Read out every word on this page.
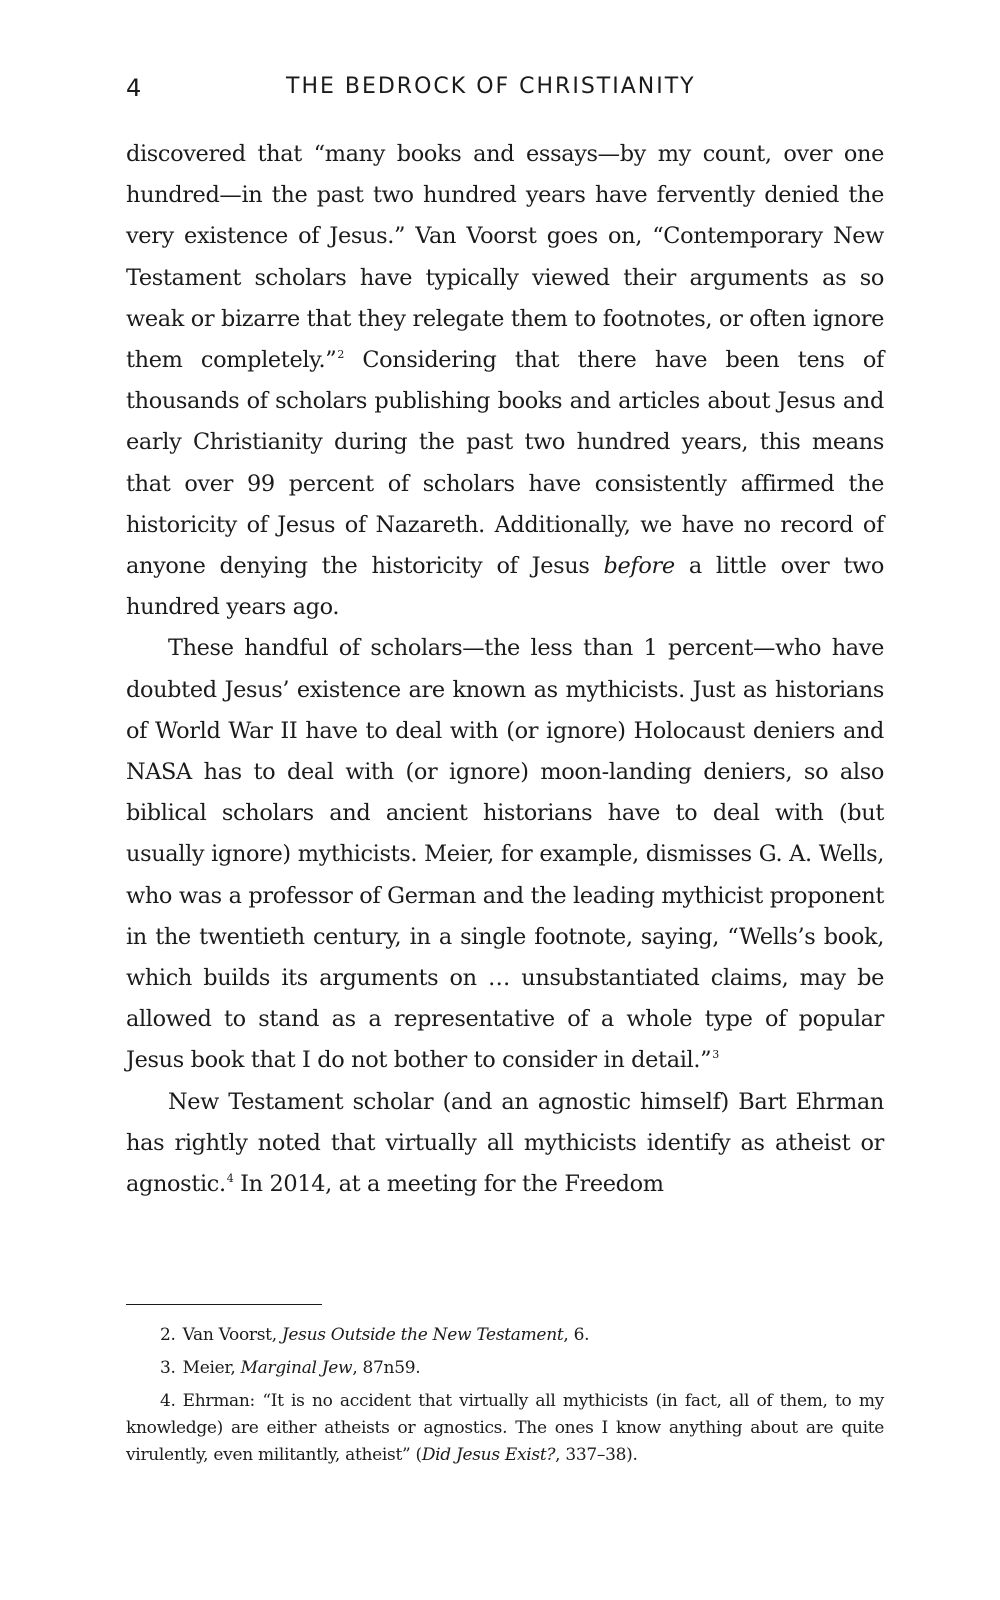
4	THE BEDROCK OF CHRISTIANITY

discovered that “many books and essays—by my count, over one hundred—in the past two hundred years have fervently denied the very existence of Jesus.” Van Voorst goes on, “Contemporary New Testament scholars have typically viewed their arguments as so weak or bizarre that they relegate them to footnotes, or often ignore them completely.”$^2$ Considering that there have been tens of thousands of scholars publishing books and articles about Jesus and early Christianity during the past two hundred years, this means that over 99 percent of scholars have consistently affirmed the historicity of Jesus of Nazareth. Additionally, we have no record of anyone denying the historicity of Jesus before a little over two hundred years ago.

These handful of scholars—the less than 1 percent—who have doubted Jesus’ existence are known as mythicists. Just as historians of World War II have to deal with (or ignore) Holocaust deniers and NASA has to deal with (or ignore) moon-landing deniers, so also biblical scholars and ancient historians have to deal with (but usually ignore) mythicists. Meier, for example, dismisses G. A. Wells, who was a professor of German and the leading mythicist proponent in the twentieth century, in a single footnote, saying, “Wells’s book, which builds its arguments on … unsubstantiated claims, may be allowed to stand as a representative of a whole type of popular Jesus book that I do not bother to consider in detail.”$^3$

New Testament scholar (and an agnostic himself) Bart Ehrman has rightly noted that virtually all mythicists identify as atheist or agnostic.$^4$ In 2014, at a meeting for the Freedom

2. Van Voorst, Jesus Outside the New Testament, 6.

3. Meier, Marginal Jew, 87n59.

4. Ehrman: “It is no accident that virtually all mythicists (in fact, all of them, to my knowledge) are either atheists or agnostics. The ones I know anything about are quite virulently, even militantly, atheist” (Did Jesus Exist?, 337–38).
